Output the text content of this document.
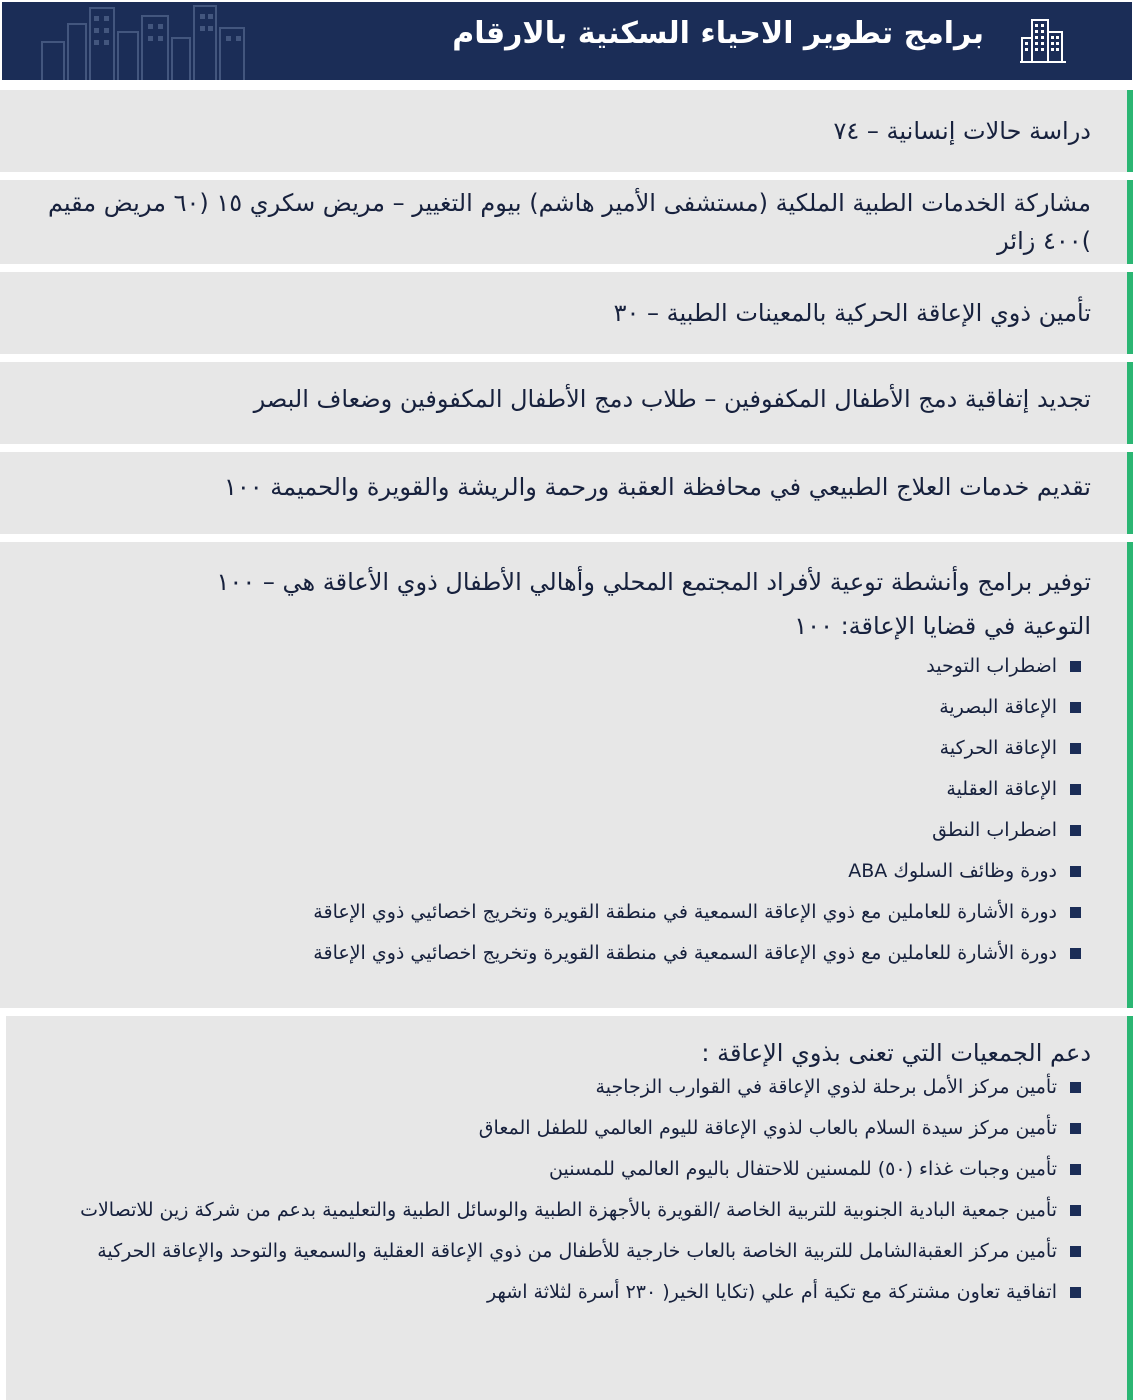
برامج تطوير الاحياء السكنية بالارقام
دراسة حالات إنسانية – ٧٤
مشاركة الخدمات الطبية الملكية (مستشفى الأمير هاشم) بيوم التغيير – مريض سكري ١٥ (٦٠ مريض مقيم )٤٠٠ زائر
تأمين ذوي الإعاقة الحركية بالمعينات الطبية – ٣٠
تجديد إتفاقية دمج الأطفال المكفوفين – طلاب دمج الأطفال المكفوفين وضعاف البصر
تقديم خدمات العلاج الطبيعي في محافظة العقبة ورحمة والريشة والقويرة والحميمة ١٠٠
توفير برامج وأنشطة توعية لأفراد المجتمع المحلي وأهالي الأطفال ذوي الأعاقة هي – ١٠٠
التوعية في قضايا الإعاقة: ١٠٠
اضطراب التوحيد
الإعاقة البصرية
الإعاقة الحركية
الإعاقة العقلية
اضطراب النطق
دورة وظائف السلوك ABA
دورة الأشارة للعاملين مع ذوي الإعاقة السمعية في منطقة القويرة وتخريج اخصائيي ذوي الإعاقة
دورة الأشارة للعاملين مع ذوي الإعاقة السمعية في منطقة القويرة وتخريج اخصائيي ذوي الإعاقة
دعم الجمعيات التي تعنى بذوي الإعاقة :
تأمين مركز الأمل برحلة لذوي الإعاقة في القوارب الزجاجية
تأمين مركز سيدة السلام بالعاب لذوي الإعاقة لليوم العالمي للطفل المعاق
تأمين وجبات غذاء (٥٠) للمسنين للاحتفال باليوم العالمي للمسنين
تأمين جمعية البادية الجنوبية للتربية الخاصة /القويرة بالأجهزة الطبية والوسائل الطبية والتعليمية بدعم من شركة زين للاتصالات
تأمين مركز العقبةالشامل للتربية الخاصة بالعاب خارجية للأطفال من ذوي الإعاقة العقلية والسمعية والتوحد والإعاقة الحركية
اتفاقية تعاون مشتركة مع تكية أم علي (تكايا الخير( ٢٣٠ أسرة لثلاثة اشهر
